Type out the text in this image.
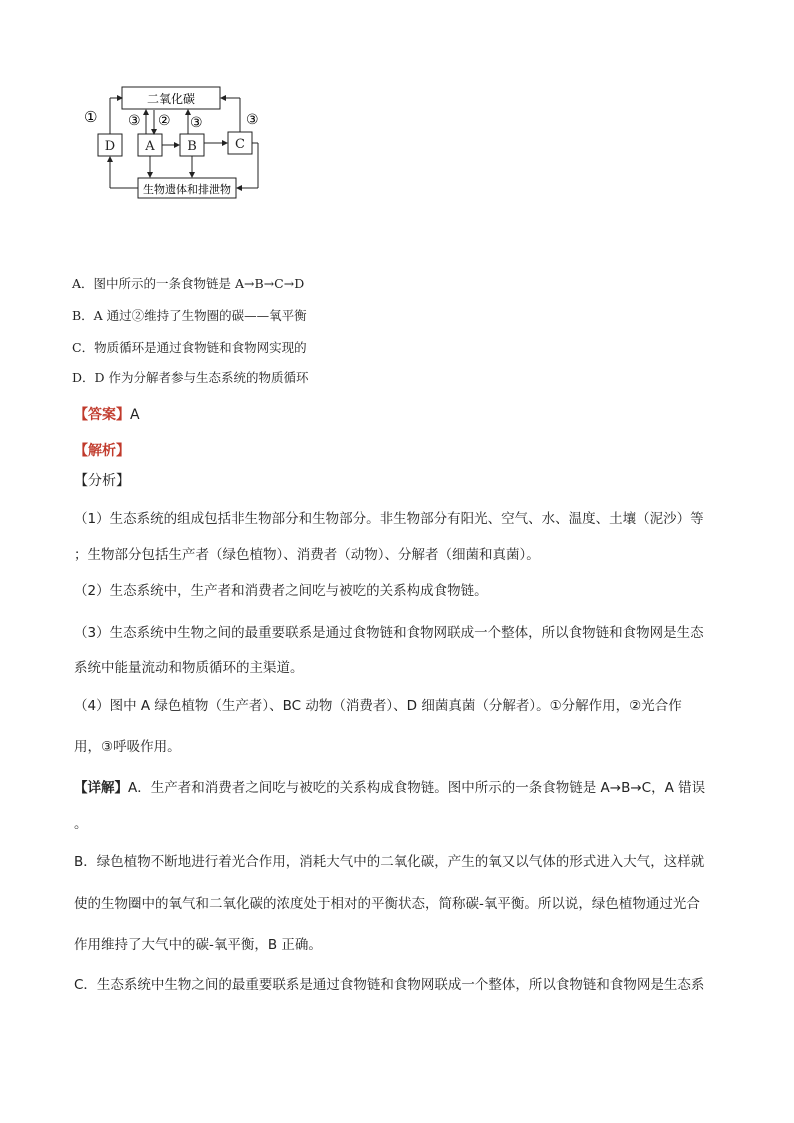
二氧化碳
D A	B	C
生物遗体和排泄物
① ③ ② ③	③
A．图中所示的一条食物链是 A→B→C→D
B．A 通过②维持了生物圈的碳——氧平衡
C．物质循环是通过食物链和食物网实现的
D．D 作为分解者参与生态系统的物质循环
【答案】A
【解析】
【分析】
（1）生态系统的组成包括非生物部分和生物部分。非生物部分有阳光、空气、水、温度、土壤（泥沙）等
；生物部分包括生产者（绿色植物）、消费者（动物）、分解者（细菌和真菌）。
（2）生态系统中，生产者和消费者之间吃与被吃的关系构成食物链。
（3）生态系统中生物之间的最重要联系是通过食物链和食物网联成一个整体，所以食物链和食物网是生态
系统中能量流动和物质循环的主渠道。
（4）图中 A 绿色植物（生产者）、BC 动物（消费者）、D 细菌真菌（分解者）。①分解作用，②光合作
用，③呼吸作用。
【详解】A．生产者和消费者之间吃与被吃的关系构成食物链。图中所示的一条食物链是 A→B→C，A 错误
。
B．绿色植物不断地进行着光合作用，消耗大气中的二氧化碳，产生的氧又以气体的形式进入大气，这样就
使的生物圈中的氧气和二氧化碳的浓度处于相对的平衡状态，简称碳-氧平衡。所以说，绿色植物通过光合
作用维持了大气中的碳-氧平衡，B 正确。
C．生态系统中生物之间的最重要联系是通过食物链和食物网联成一个整体，所以食物链和食物网是生态系
